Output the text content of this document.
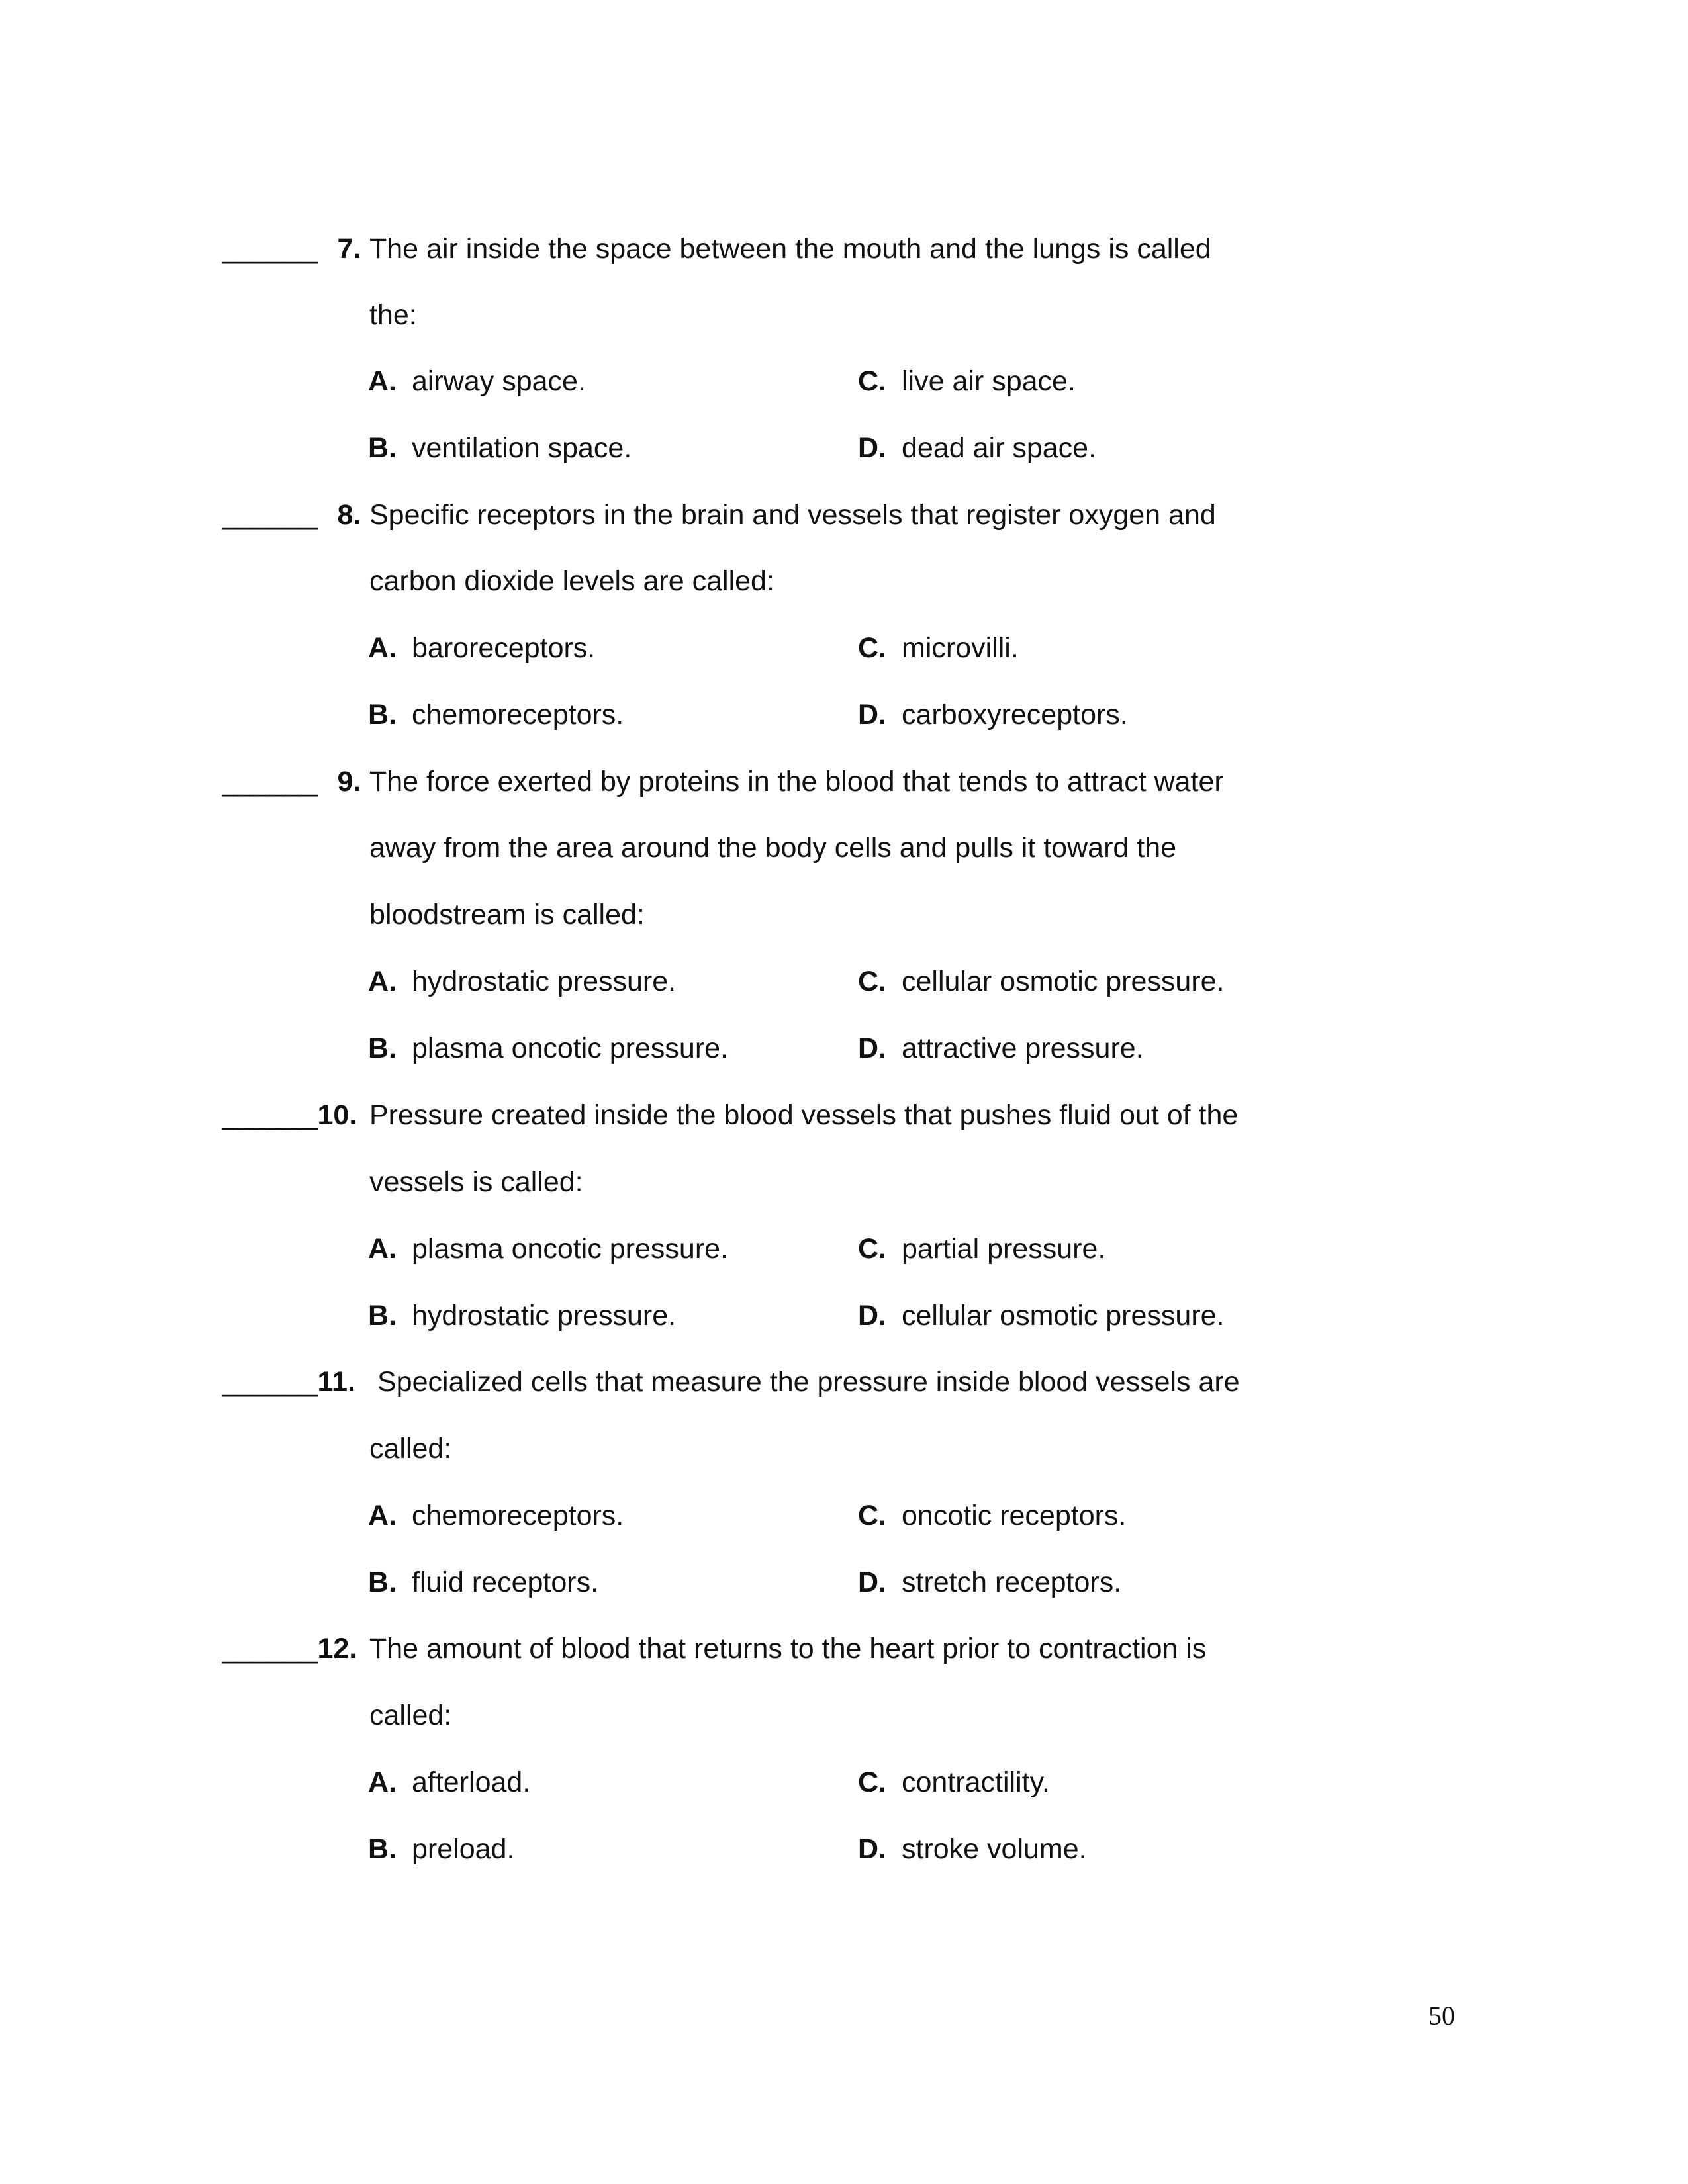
______ 7. The air inside the space between the mouth and the lungs is called
the:
A. airway space.
B. ventilation space.
C. live air space.
D. dead air space.
______ 8. Specific receptors in the brain and vessels that register oxygen and
carbon dioxide levels are called:
A. baroreceptors.
B. chemoreceptors.
C. microvilli.
D. carboxyreceptors.
______ 9. The force exerted by proteins in the blood that tends to attract water
away from the area around the body cells and pulls it toward the
bloodstream is called:
A. hydrostatic pressure.
B. plasma oncotic pressure.
C. cellular osmotic pressure.
D. attractive pressure.
______10. Pressure created inside the blood vessels that pushes fluid out of the
vessels is called:
A. plasma oncotic pressure.
B. hydrostatic pressure.
C. partial pressure.
D. cellular osmotic pressure.
______11. Specialized cells that measure the pressure inside blood vessels are
called:
A. chemoreceptors.
B. fluid receptors.
C. oncotic receptors.
D. stretch receptors.
______12. The amount of blood that returns to the heart prior to contraction is
called:
A. afterload.
B. preload.
C. contractility.
D. stroke volume.
50
